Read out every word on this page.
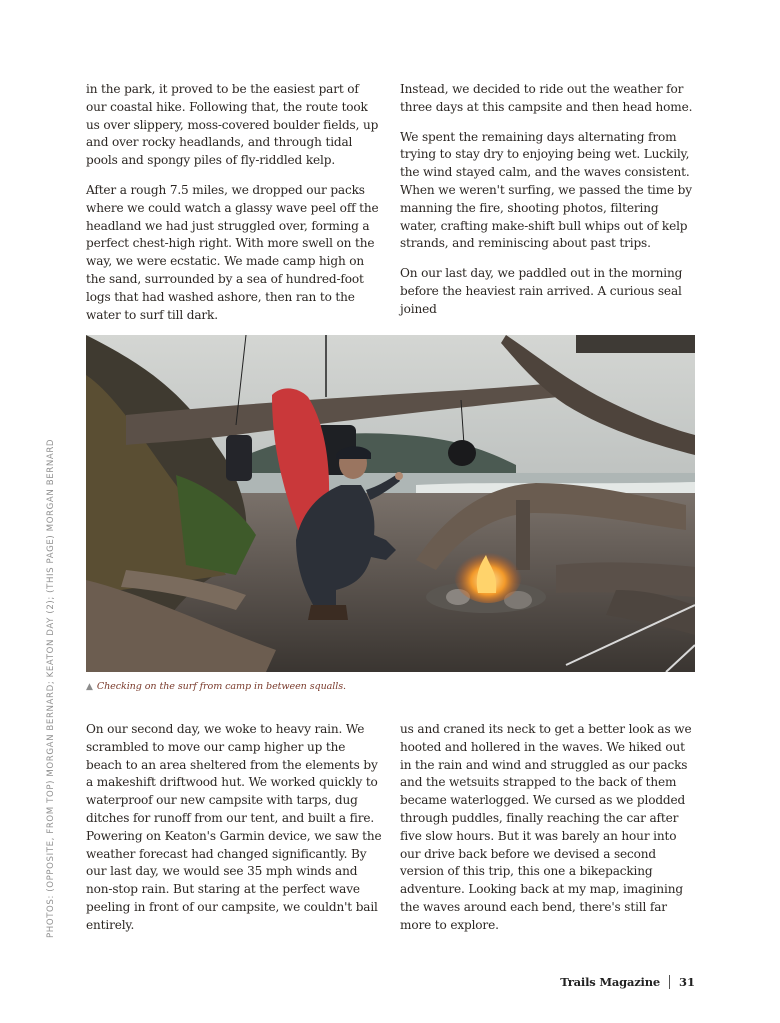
in the park, it proved to be the easiest part of our coastal hike. Following that, the route took us over slippery, moss-covered boulder fields, up and over rocky headlands, and through tidal pools and spongy piles of fly-riddled kelp.

After a rough 7.5 miles, we dropped our packs where we could watch a glassy wave peel off the headland we had just struggled over, forming a perfect chest-high right. With more swell on the way, we were ecstatic. We made camp high on the sand, surrounded by a sea of hundred-foot logs that had washed ashore, then ran to the water to surf till dark.

Instead, we decided to ride out the weather for three days at this campsite and then head home.

We spent the remaining days alternating from trying to stay dry to enjoying being wet. Luckily, the wind stayed calm, and the waves consistent. When we weren't surfing, we passed the time by manning the fire, shooting photos, filtering water, crafting make-shift bull whips out of kelp strands, and reminiscing about past trips.

On our last day, we paddled out in the morning before the heaviest rain arrived. A curious seal joined

▲ Checking on the surf from camp in between squalls.

On our second day, we woke to heavy rain. We scrambled to move our camp higher up the beach to an area sheltered from the elements by a makeshift driftwood hut. We worked quickly to waterproof our new campsite with tarps, dug ditches for runoff from our tent, and built a fire. Powering on Keaton's Garmin device, we saw the weather forecast had changed significantly. By our last day, we would see 35 mph winds and non-stop rain. But staring at the perfect wave peeling in front of our campsite, we couldn't bail entirely.

us and craned its neck to get a better look as we hooted and hollered in the waves. We hiked out in the rain and wind and struggled as our packs and the wetsuits strapped to the back of them became waterlogged. We cursed as we plodded through puddles, finally reaching the car after five slow hours. But it was barely an hour into our drive back before we devised a second version of this trip, this one a bikepacking adventure. Looking back at my map, imagining the waves around each bend, there's still far more to explore.

PHOTOS: (OPPOSITE, FROM TOP) MORGAN BERNARD; KEATON DAY (2); (THIS PAGE) MORGAN BERNARD
Trails Magazine 31
